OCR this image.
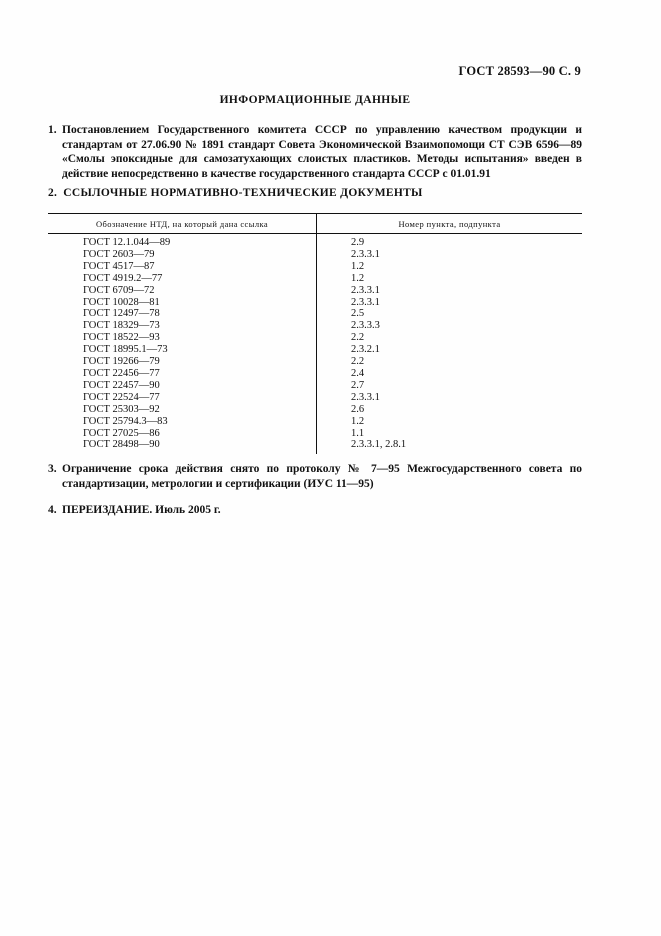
ГОСТ 28593—90 С. 9
ИНФОРМАЦИОННЫЕ ДАННЫЕ
1. Постановлением Государственного комитета СССР по управлению качеством продукции и стандартам от 27.06.90 № 1891 стандарт Совета Экономической Взаимопомощи СТ СЭВ 6596—89 «Смолы эпоксидные для самозатухающих слоистых пластиков. Методы испытания» введен в действие непосредственно в качестве государственного стандарта СССР с 01.01.91
2. ССЫЛОЧНЫЕ НОРМАТИВНО-ТЕХНИЧЕСКИЕ ДОКУМЕНТЫ
Обозначение НТД, на который дана ссылка	Номер пункта, подпункта
ГОСТ 12.1.044—89	2.9
ГОСТ 2603—79	2.3.3.1
ГОСТ 4517—87	1.2
ГОСТ 4919.2—77	1.2
ГОСТ 6709—72	2.3.3.1
ГОСТ 10028—81	2.3.3.1
ГОСТ 12497—78	2.5
ГОСТ 18329—73	2.3.3.3
ГОСТ 18522—93	2.2
ГОСТ 18995.1—73	2.3.2.1
ГОСТ 19266—79	2.2
ГОСТ 22456—77	2.4
ГОСТ 22457—90	2.7
ГОСТ 22524—77	2.3.3.1
ГОСТ 25303—92	2.6
ГОСТ 25794.3—83	1.2
ГОСТ 27025—86	1.1
ГОСТ 28498—90	2.3.3.1, 2.8.1
3. Ограничение срока действия снято по протоколу № 7—95 Межгосударственного совета по стандартизации, метрологии и сертификации (ИУС 11—95)
4. ПЕРЕИЗДАНИЕ. Июль 2005 г.
